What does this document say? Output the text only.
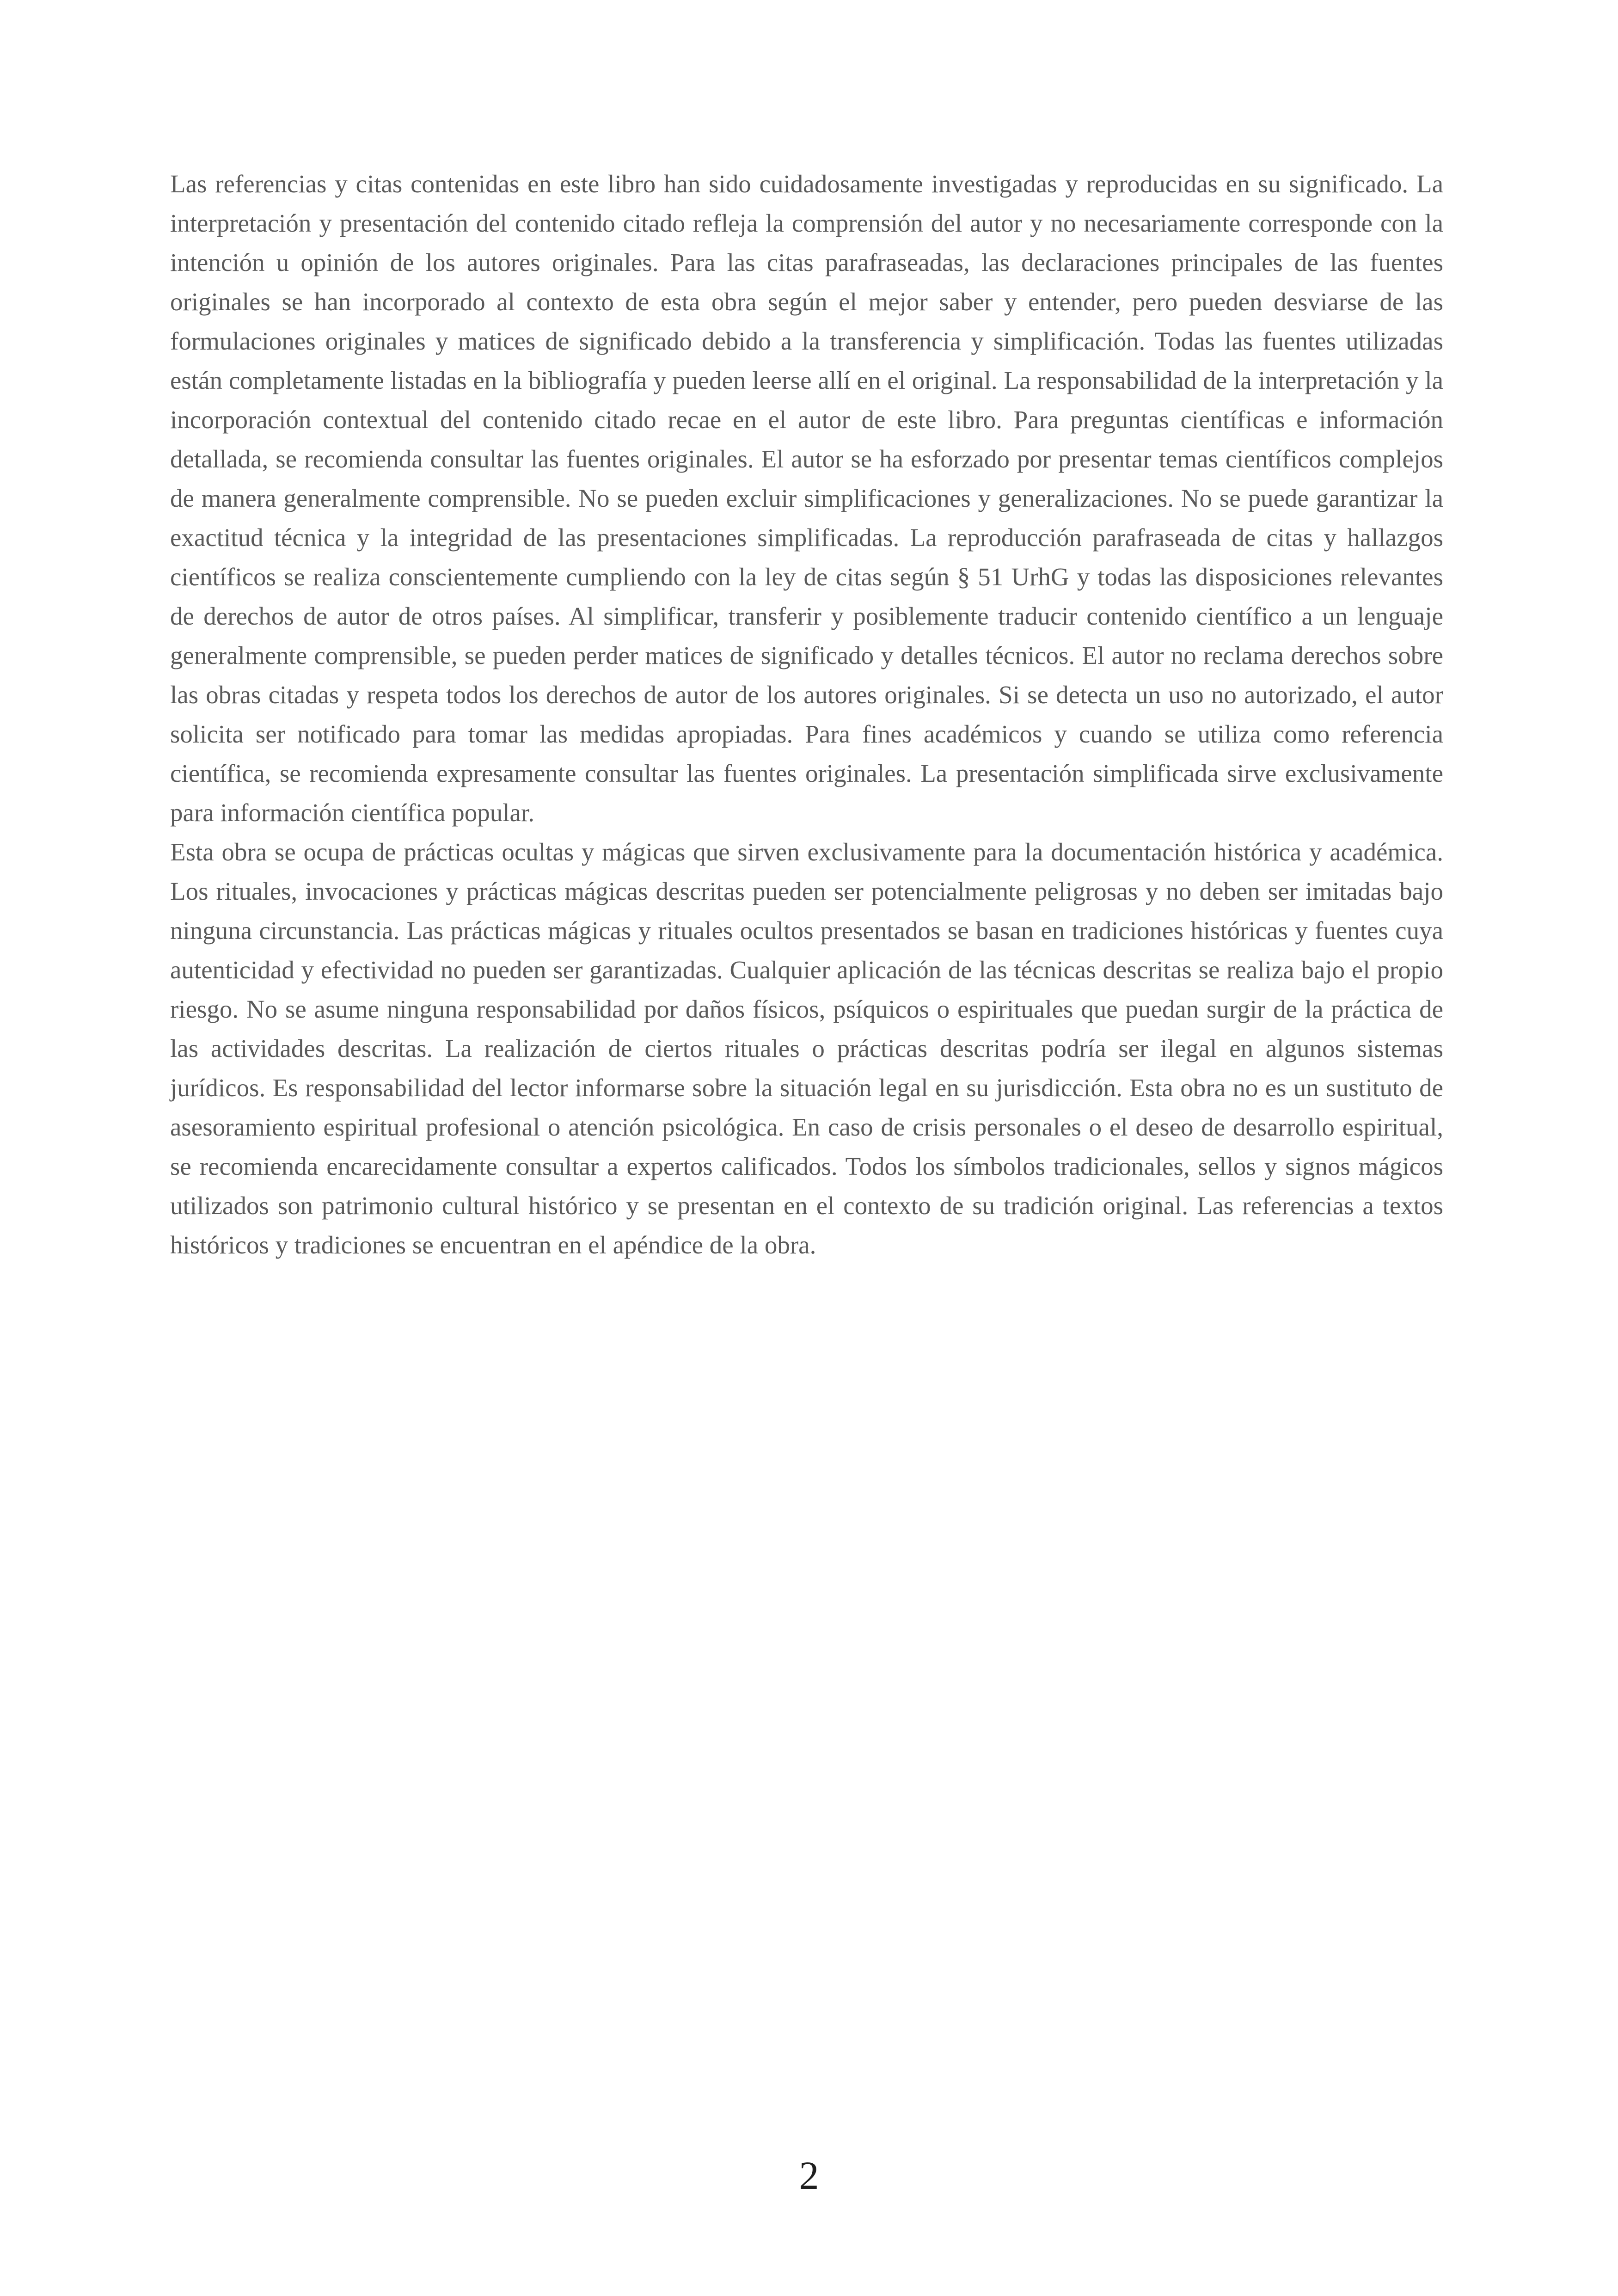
Las referencias y citas contenidas en este libro han sido cuidadosamente investigadas y reproducidas en su significado. La interpretación y presentación del contenido citado refleja la comprensión del autor y no necesariamente corresponde con la intención u opinión de los autores originales. Para las citas parafraseadas, las declaraciones principales de las fuentes originales se han incorporado al contexto de esta obra según el mejor saber y entender, pero pueden desviarse de las formulaciones originales y matices de significado debido a la transferencia y simplificación. Todas las fuentes utilizadas están completamente listadas en la bibliografía y pueden leerse allí en el original. La responsabilidad de la interpretación y la incorporación contextual del contenido citado recae en el autor de este libro. Para preguntas científicas e información detallada, se recomienda consultar las fuentes originales. El autor se ha esforzado por presentar temas científicos complejos de manera generalmente comprensible. No se pueden excluir simplificaciones y generalizaciones. No se puede garantizar la exactitud técnica y la integridad de las presentaciones simplificadas. La reproducción parafraseada de citas y hallazgos científicos se realiza conscientemente cumpliendo con la ley de citas según § 51 UrhG y todas las disposiciones relevantes de derechos de autor de otros países. Al simplificar, transferir y posiblemente traducir contenido científico a un lenguaje generalmente comprensible, se pueden perder matices de significado y detalles técnicos. El autor no reclama derechos sobre las obras citadas y respeta todos los derechos de autor de los autores originales. Si se detecta un uso no autorizado, el autor solicita ser notificado para tomar las medidas apropiadas. Para fines académicos y cuando se utiliza como referencia científica, se recomienda expresamente consultar las fuentes originales. La presentación simplificada sirve exclusivamente para información científica popular.

Esta obra se ocupa de prácticas ocultas y mágicas que sirven exclusivamente para la documentación histórica y académica. Los rituales, invocaciones y prácticas mágicas descritas pueden ser potencialmente peligrosas y no deben ser imitadas bajo ninguna circunstancia. Las prácticas mágicas y rituales ocultos presentados se basan en tradiciones históricas y fuentes cuya autenticidad y efectividad no pueden ser garantizadas. Cualquier aplicación de las técnicas descritas se realiza bajo el propio riesgo. No se asume ninguna responsabilidad por daños físicos, psíquicos o espirituales que puedan surgir de la práctica de las actividades descritas. La realización de ciertos rituales o prácticas descritas podría ser ilegal en algunos sistemas jurídicos. Es responsabilidad del lector informarse sobre la situación legal en su jurisdicción. Esta obra no es un sustituto de asesoramiento espiritual profesional o atención psicológica. En caso de crisis personales o el deseo de desarrollo espiritual, se recomienda encarecidamente consultar a expertos calificados. Todos los símbolos tradicionales, sellos y signos mágicos utilizados son patrimonio cultural histórico y se presentan en el contexto de su tradición original. Las referencias a textos históricos y tradiciones se encuentran en el apéndice de la obra.

2
